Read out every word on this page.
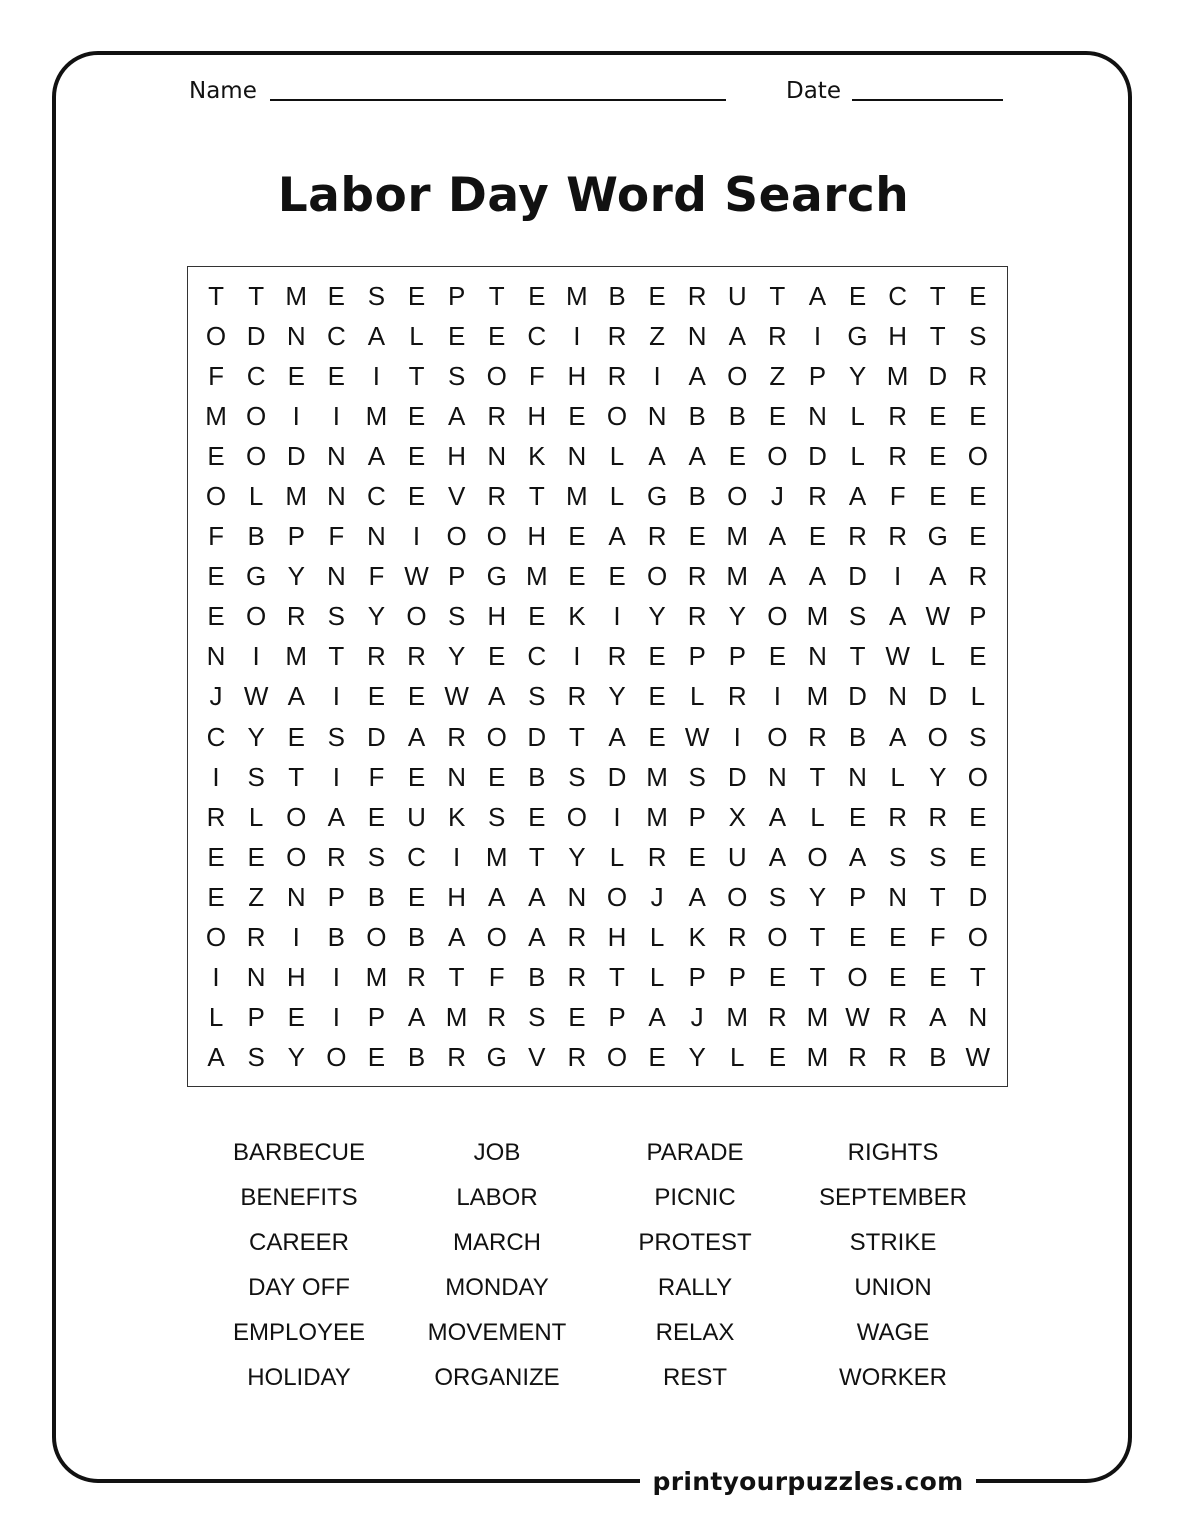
printyourpuzzles.com
Name	Date
Labor Day Word Search
T T M E S E P T E M B E R U T A E C T E
O D N C A L E E C	I	R Z N A R	I	G H T S
F C E E	I	T S O F H R	I	A O Z P Y M D R
M O	I	I M E A R H E O N B B E N L R E E
E O D N A E H N K N L A A E O D L R E O
O L M N C E V R T M L G B O J R A F E E
F B P F N	I	O O H E A R E M A E R R G E
E G Y N F W P G M E E O R M A A D	I	A R
E O R S Y O S H E K	I	Y R Y O M S A W P
N	I M T R R Y E C	I	R E P P E N T W L E
J W A	I	E E W A S R Y E L R	I M D N D L
C Y E S D A R O D T A E W I	O R B A O S
I	S T	I	F E N E B S D M S D N T N L Y O
R L O A E U K S E O	I M P X A L E R R E
E E O R S C	I M T Y L R E U A O A S S E
E Z N P B E H A A N O J A O S Y P N T D
O R	I	B O B A O A R H L K R O T E E F O
I	N H	I M R T F B R T L P P E T O E E T
L P E	I	P A M R S E P A J M R M W R A N
A S Y O E B R G V R O E Y L E M R R B W
BARBECUE	JOB	PARADE	RIGHTS
BENEFITS	LABOR	PICNIC	SEPTEMBER
CAREER	MARCH	PROTEST	STRIKE
DAY OFF	MONDAY	RALLY	UNION
EMPLOYEE	MOVEMENT	RELAX	WAGE
HOLIDAY	ORGANIZE	REST	WORKER
